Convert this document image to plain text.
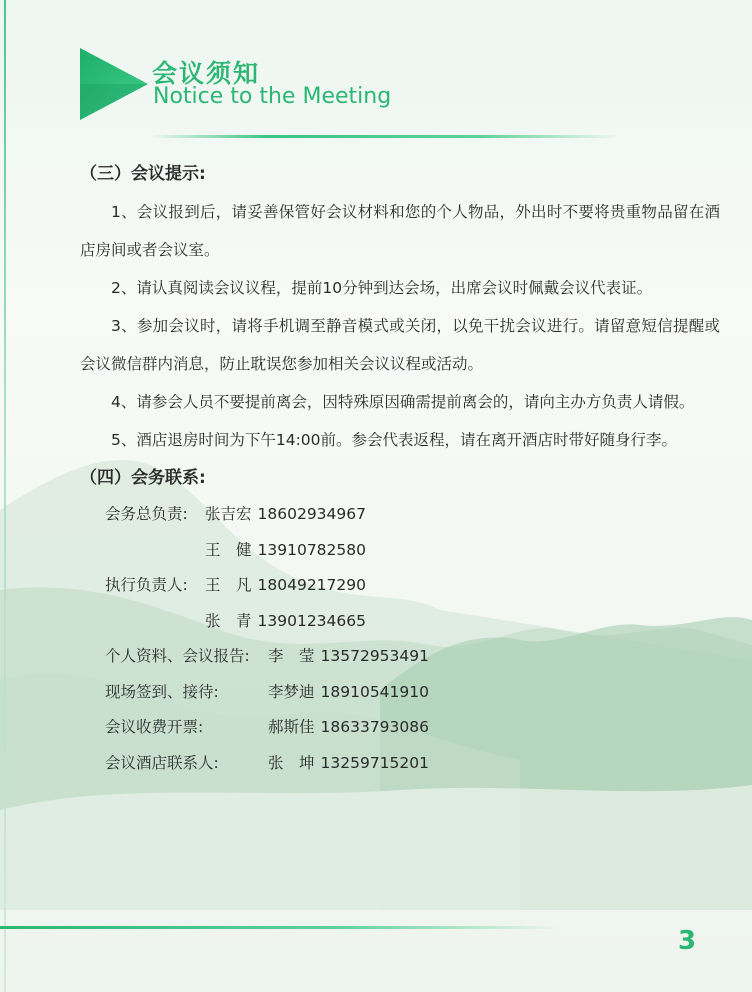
会议须知
Notice to the Meeting
（三）会议提示:

1、会议报到后，请妥善保管好会议材料和您的个人物品，外出时不要将贵重物品留在酒店房间或者会议室。

2、请认真阅读会议议程，提前10分钟到达会场，出席会议时佩戴会议代表证。

3、参加会议时，请将手机调至静音模式或关闭，以免干扰会议进行。请留意短信提醒或会议微信群内消息，防止耽误您参加相关会议议程或活动。

4、请参会人员不要提前离会，因特殊原因确需提前离会的，请向主办方负责人请假。

5、酒店退房时间为下午14:00前。参会代表返程，请在离开酒店时带好随身行李。

（四）会务联系:
会务总负责:	张吉宏 18602934967
王　健 13910782580
执行负责人:	王　凡 18049217290
张　青 13901234665
个人资料、会议报告:	李　莹 13572953491
现场签到、接待:	李梦迪 18910541910
会议收费开票:	郝斯佳 18633793086
会议酒店联系人:	张　坤 13259715201
3
